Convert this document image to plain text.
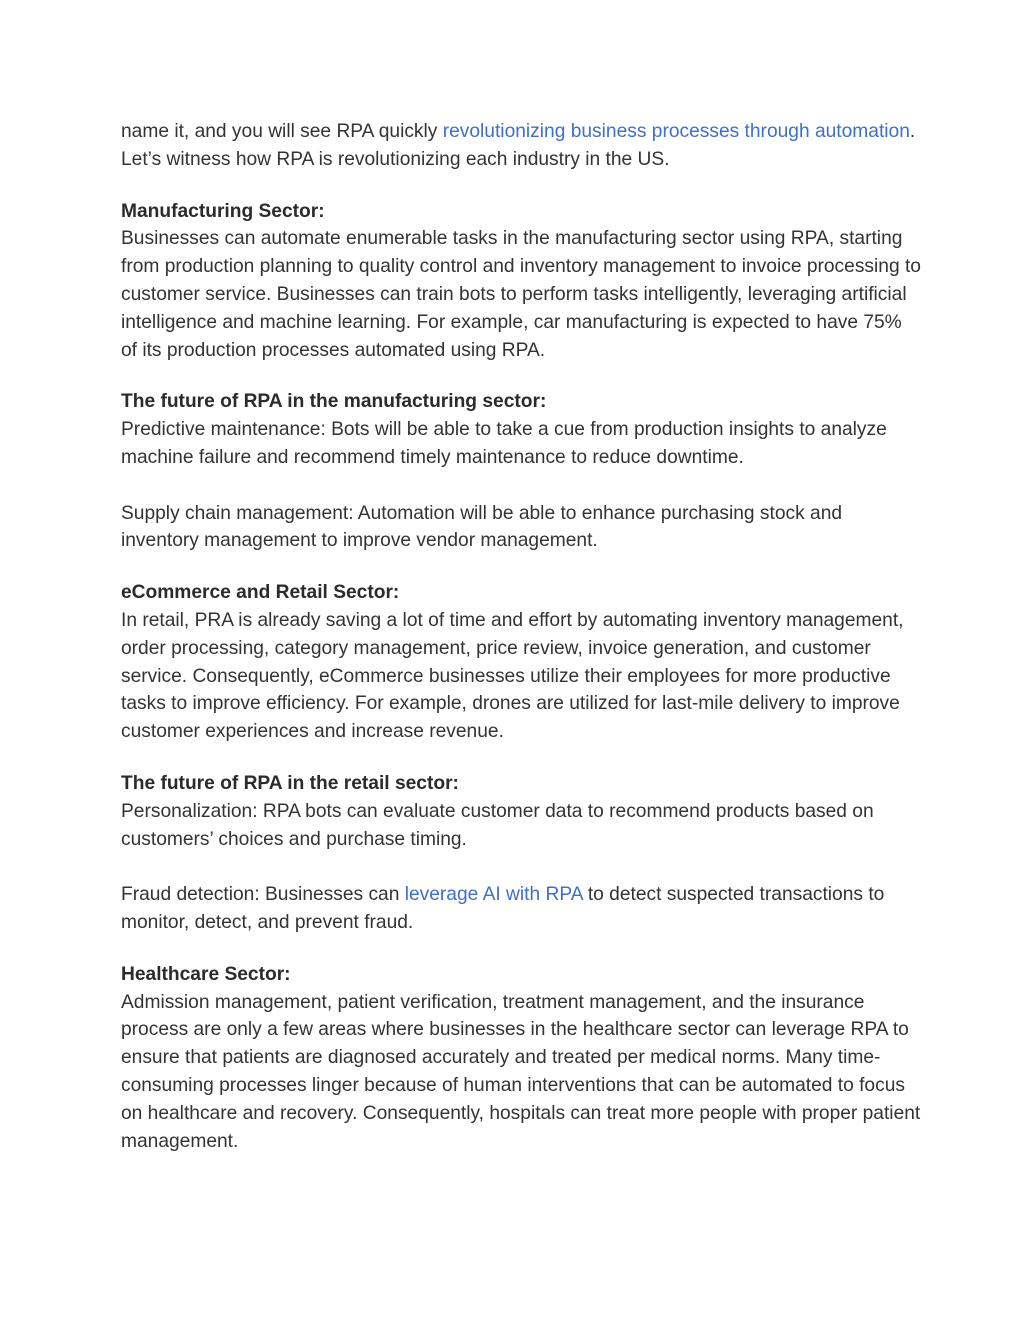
name it, and you will see RPA quickly revolutionizing business processes through automation. Let’s witness how RPA is revolutionizing each industry in the US.

Manufacturing Sector:

Businesses can automate enumerable tasks in the manufacturing sector using RPA, starting from production planning to quality control and inventory management to invoice processing to customer service. Businesses can train bots to perform tasks intelligently, leveraging artificial intelligence and machine learning. For example, car manufacturing is expected to have 75% of its production processes automated using RPA.

The future of RPA in the manufacturing sector:

Predictive maintenance: Bots will be able to take a cue from production insights to analyze machine failure and recommend timely maintenance to reduce downtime.

Supply chain management: Automation will be able to enhance purchasing stock and inventory management to improve vendor management.

eCommerce and Retail Sector:

In retail, PRA is already saving a lot of time and effort by automating inventory management, order processing, category management, price review, invoice generation, and customer service. Consequently, eCommerce businesses utilize their employees for more productive tasks to improve efficiency. For example, drones are utilized for last-mile delivery to improve customer experiences and increase revenue.

The future of RPA in the retail sector:

Personalization: RPA bots can evaluate customer data to recommend products based on customers’ choices and purchase timing.

Fraud detection: Businesses can leverage AI with RPA to detect suspected transactions to monitor, detect, and prevent fraud.

Healthcare Sector:

Admission management, patient verification, treatment management, and the insurance process are only a few areas where businesses in the healthcare sector can leverage RPA to ensure that patients are diagnosed accurately and treated per medical norms. Many time-consuming processes linger because of human interventions that can be automated to focus on healthcare and recovery. Consequently, hospitals can treat more people with proper patient management.
